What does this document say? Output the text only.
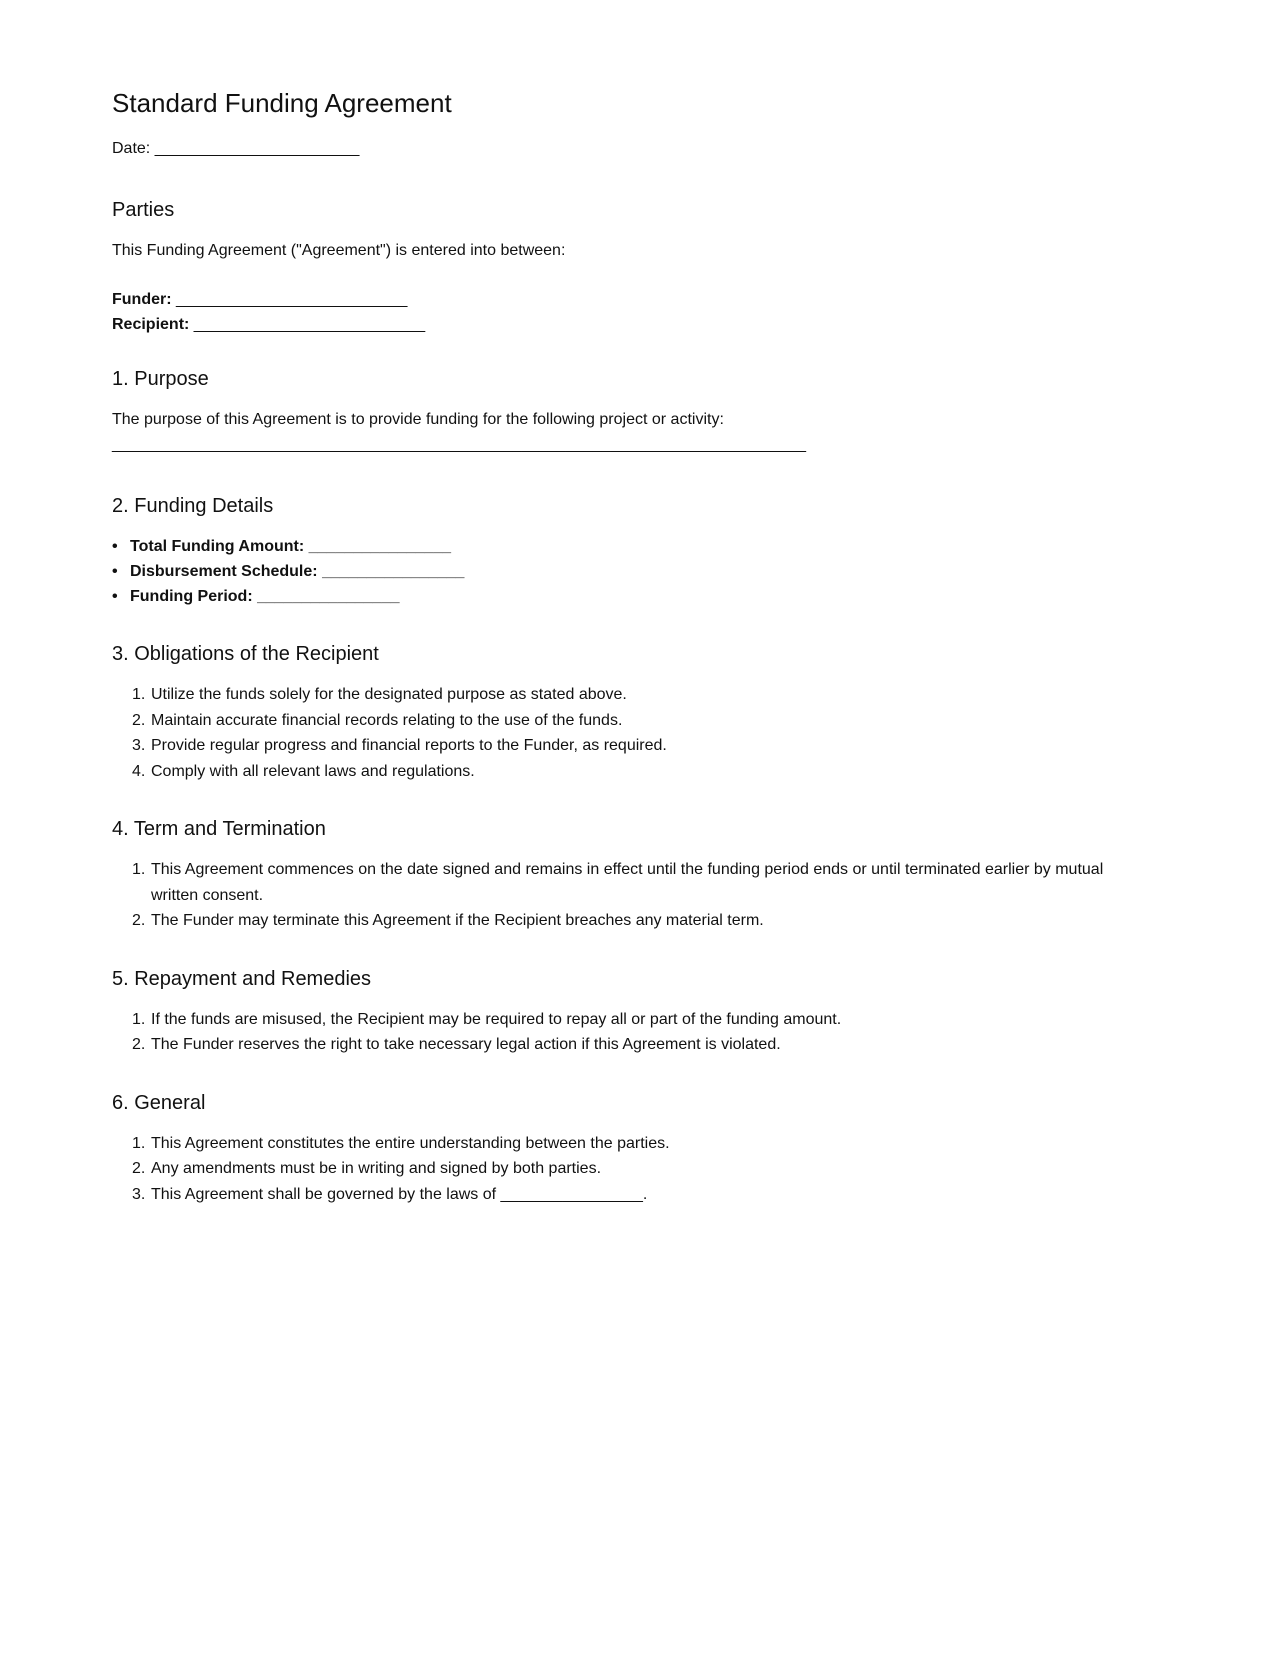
Standard Funding Agreement

Date: _______________________

Parties

This Funding Agreement ("Agreement") is entered into between:

Funder: __________________________
Recipient: __________________________
1. Purpose

The purpose of this Agreement is to provide funding for the following project or activity:

______________________________________________________________________________
2. Funding Details
• Total Funding Amount: ________________
• Disbursement Schedule: ________________
• Funding Period: ________________
3. Obligations of the Recipient
1. Utilize the funds solely for the designated purpose as stated above.
2. Maintain accurate financial records relating to the use of the funds.
3. Provide regular progress and financial reports to the Funder, as required.
4. Comply with all relevant laws and regulations.
4. Term and Termination
1. This Agreement commences on the date signed and remains in effect until the funding period ends or until terminated earlier by mutual written consent.
2. The Funder may terminate this Agreement if the Recipient breaches any material term.
5. Repayment and Remedies
1. If the funds are misused, the Recipient may be required to repay all or part of the funding amount.
2. The Funder reserves the right to take necessary legal action if this Agreement is violated.
6. General
1. This Agreement constitutes the entire understanding between the parties.
2. Any amendments must be in writing and signed by both parties.
3. This Agreement shall be governed by the laws of ________________.
